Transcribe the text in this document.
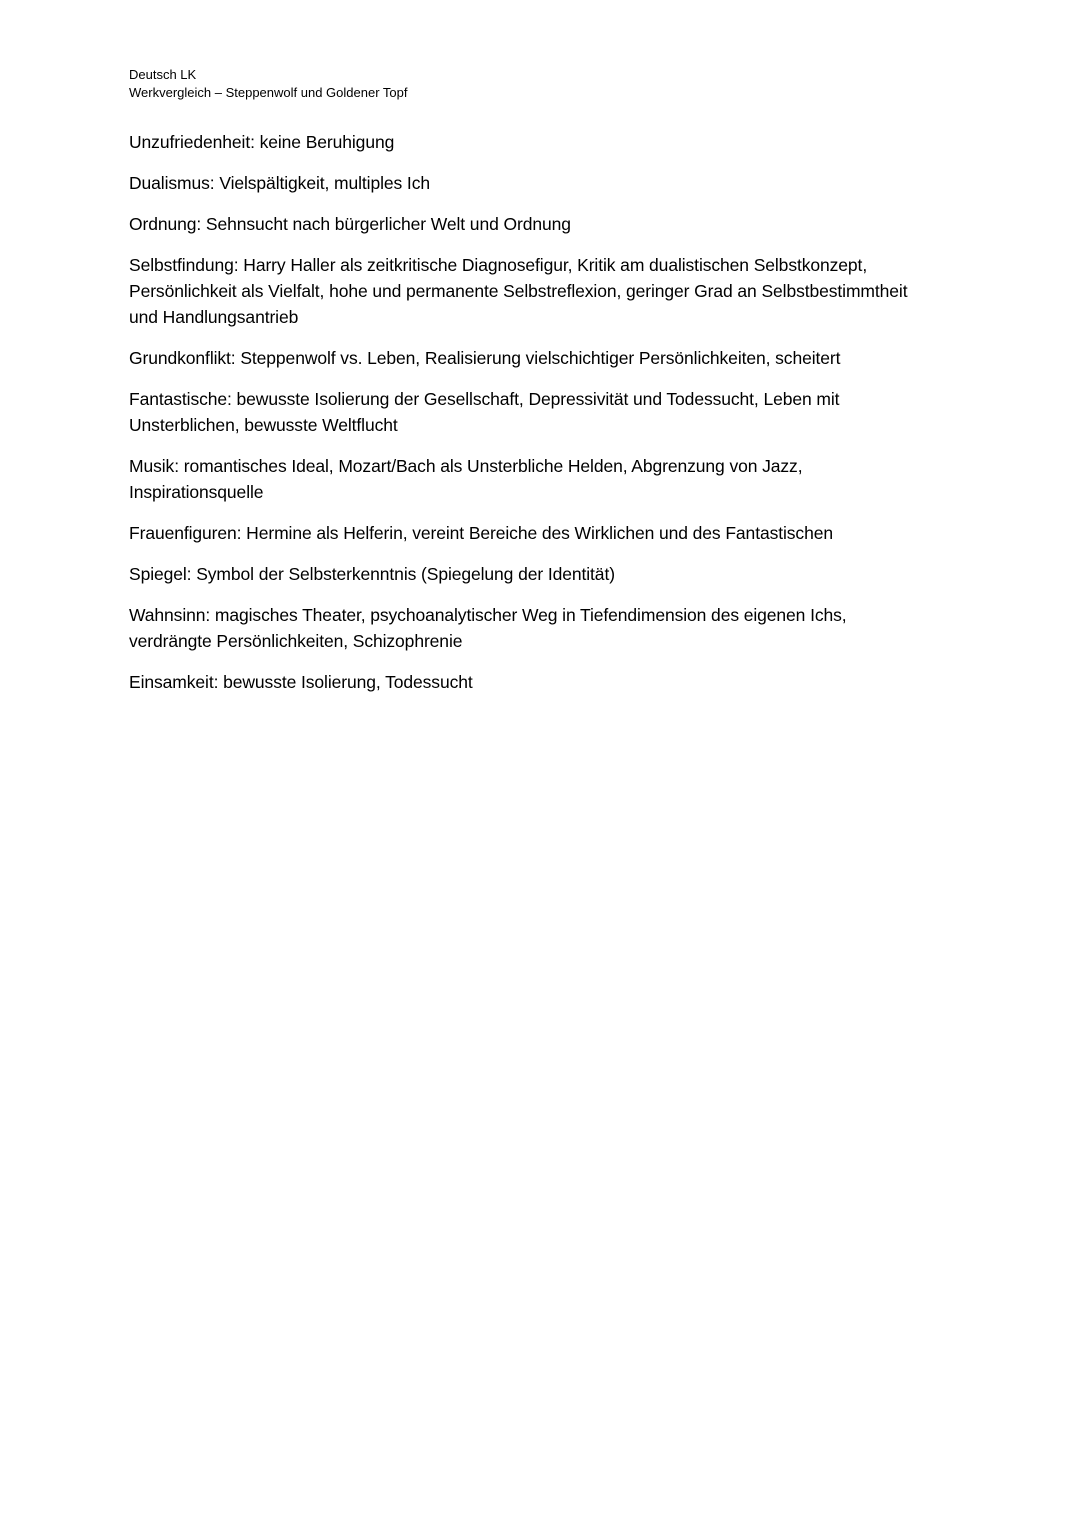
Deutsch LK
Werkvergleich – Steppenwolf und Goldener Topf

Unzufriedenheit: keine Beruhigung

Dualismus: Vielspältigkeit, multiples Ich

Ordnung: Sehnsucht nach bürgerlicher Welt und Ordnung

Selbstfindung: Harry Haller als zeitkritische Diagnosefigur, Kritik am dualistischen Selbstkonzept, Persönlichkeit als Vielfalt, hohe und permanente Selbstreflexion, geringer Grad an Selbstbestimmtheit und Handlungsantrieb

Grundkonflikt: Steppenwolf vs. Leben, Realisierung vielschichtiger Persönlichkeiten, scheitert

Fantastische: bewusste Isolierung der Gesellschaft, Depressivität und Todessucht, Leben mit Unsterblichen, bewusste Weltflucht

Musik: romantisches Ideal, Mozart/Bach als Unsterbliche Helden, Abgrenzung von Jazz, Inspirationsquelle

Frauenfiguren: Hermine als Helferin, vereint Bereiche des Wirklichen und des Fantastischen

Spiegel: Symbol der Selbsterkenntnis (Spiegelung der Identität)

Wahnsinn: magisches Theater, psychoanalytischer Weg in Tiefendimension des eigenen Ichs, verdrängte Persönlichkeiten, Schizophrenie

Einsamkeit: bewusste Isolierung, Todessucht
